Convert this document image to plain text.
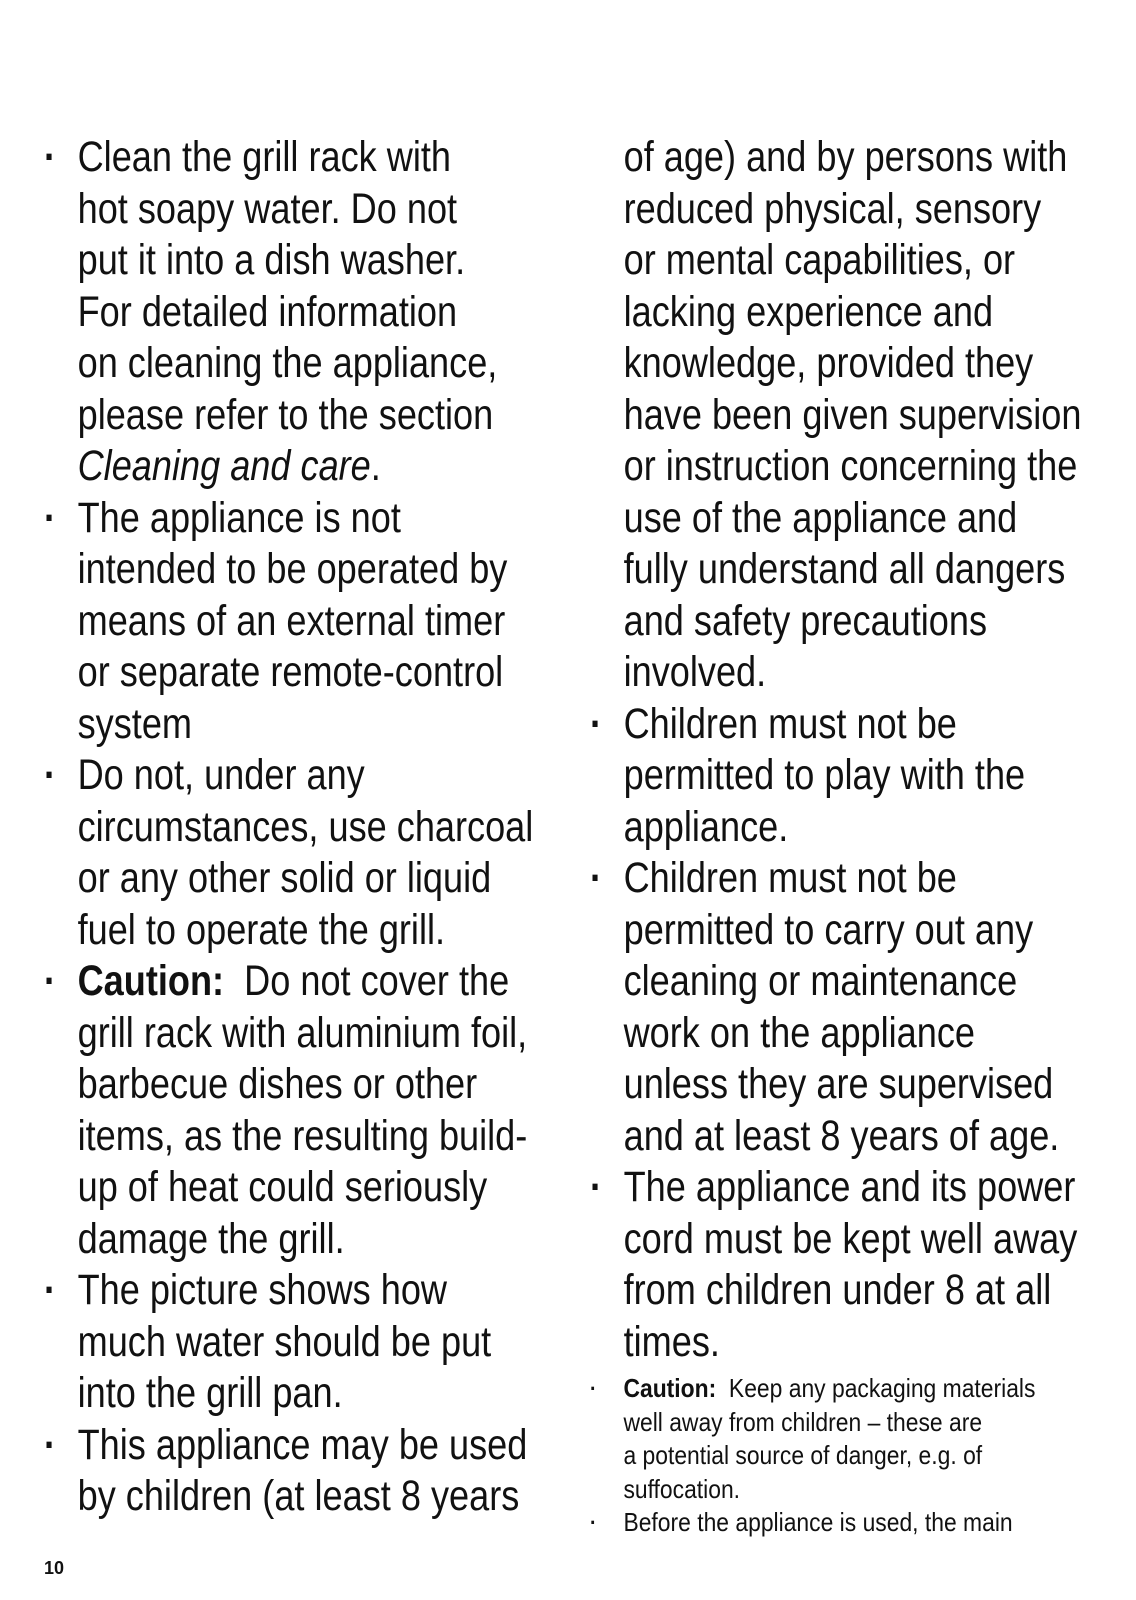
· Clean the grill rack with
hot soapy water. Do not
put it into a dish washer.
For detailed information
on cleaning the appliance,
please refer to the section
Cleaning and care.
· The appliance is not
intended to be operated by
means of an external timer
or separate remote-control
system
· Do not, under any
circumstances, use charcoal
or any other solid or liquid
fuel to operate the grill.
· Caution: Do not cover the
grill rack with aluminium foil,
barbecue dishes or other
items, as the resulting build-
up of heat could seriously
damage the grill.
· The picture shows how
much water should be put
into the grill pan.
· This appliance may be used
by children (at least 8 years
of age) and by persons with
reduced physical, sensory
or mental capabilities, or
lacking experience and
knowledge, provided they
have been given supervision
or instruction concerning the
use of the appliance and
fully understand all dangers
and safety precautions
involved.
· Children must not be
permitted to play with the
appliance.
· Children must not be
permitted to carry out any
cleaning or maintenance
work on the appliance
unless they are supervised
and at least 8 years of age.
· The appliance and its power
cord must be kept well away
from children under 8 at all
times.
·	Caution: Keep any packaging materials
well away from children – these are
a potential source of danger, e.g. of
suffocation.
·	Before the appliance is used, the main
10
